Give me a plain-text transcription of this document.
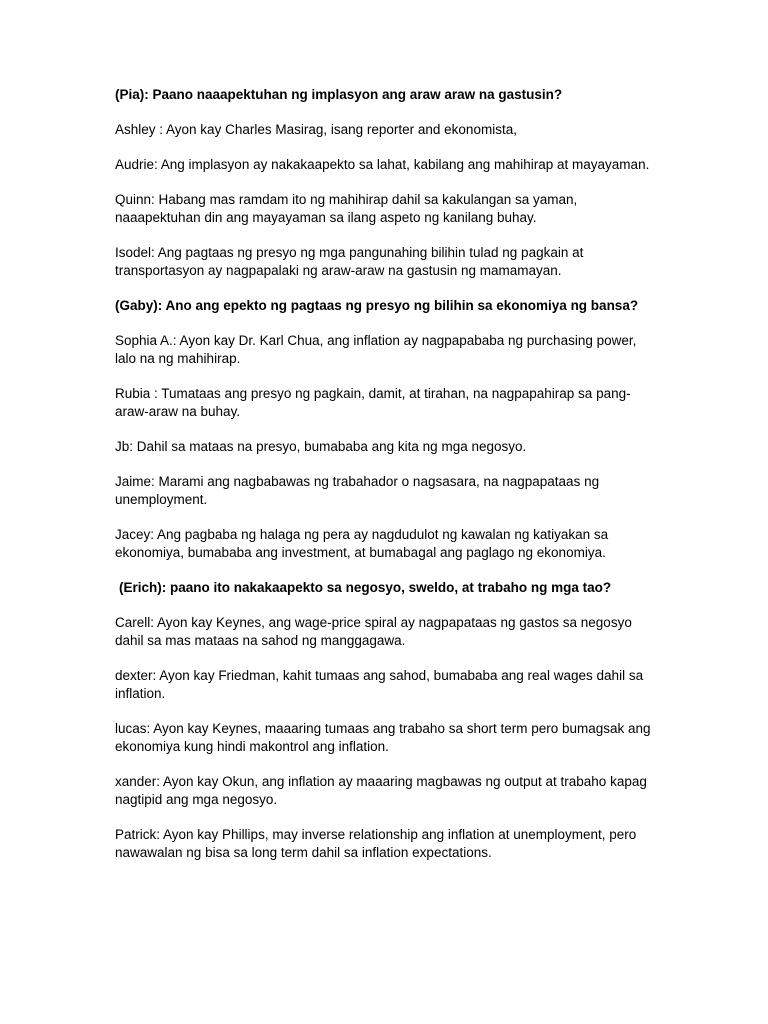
(Pia): Paano naaapektuhan ng implasyon ang araw araw na gastusin?

Ashley : Ayon kay Charles Masirag, isang reporter and ekonomista,

Audrie: Ang implasyon ay nakakaapekto sa lahat, kabilang ang mahihirap at mayayaman.

Quinn: Habang mas ramdam ito ng mahihirap dahil sa kakulangan sa yaman, naaapektuhan din ang mayayaman sa ilang aspeto ng kanilang buhay.

Isodel: Ang pagtaas ng presyo ng mga pangunahing bilihin tulad ng pagkain at transportasyon ay nagpapalaki ng araw-araw na gastusin ng mamamayan.

(Gaby): Ano ang epekto ng pagtaas ng presyo ng bilihin sa ekonomiya ng bansa?

Sophia A.: Ayon kay Dr. Karl Chua, ang inflation ay nagpapababa ng purchasing power, lalo na ng mahihirap.

Rubia : Tumataas ang presyo ng pagkain, damit, at tirahan, na nagpapahirap sa pang-araw-araw na buhay.

Jb: Dahil sa mataas na presyo, bumababa ang kita ng mga negosyo.

Jaime: Marami ang nagbabawas ng trabahador o nagsasara, na nagpapataas ng unemployment.

Jacey: Ang pagbaba ng halaga ng pera ay nagdudulot ng kawalan ng katiyakan sa ekonomiya, bumababa ang investment, at bumabagal ang paglago ng ekonomiya.

(Erich): paano ito nakakaapekto sa negosyo, sweldo, at trabaho ng mga tao?

Carell: Ayon kay Keynes, ang wage-price spiral ay nagpapataas ng gastos sa negosyo dahil sa mas mataas na sahod ng manggagawa.

dexter: Ayon kay Friedman, kahit tumaas ang sahod, bumababa ang real wages dahil sa inflation.

lucas: Ayon kay Keynes, maaaring tumaas ang trabaho sa short term pero bumagsak ang ekonomiya kung hindi makontrol ang inflation.

xander: Ayon kay Okun, ang inflation ay maaaring magbawas ng output at trabaho kapag nagtipid ang mga negosyo.

Patrick: Ayon kay Phillips, may inverse relationship ang inflation at unemployment, pero nawawalan ng bisa sa long term dahil sa inflation expectations.
